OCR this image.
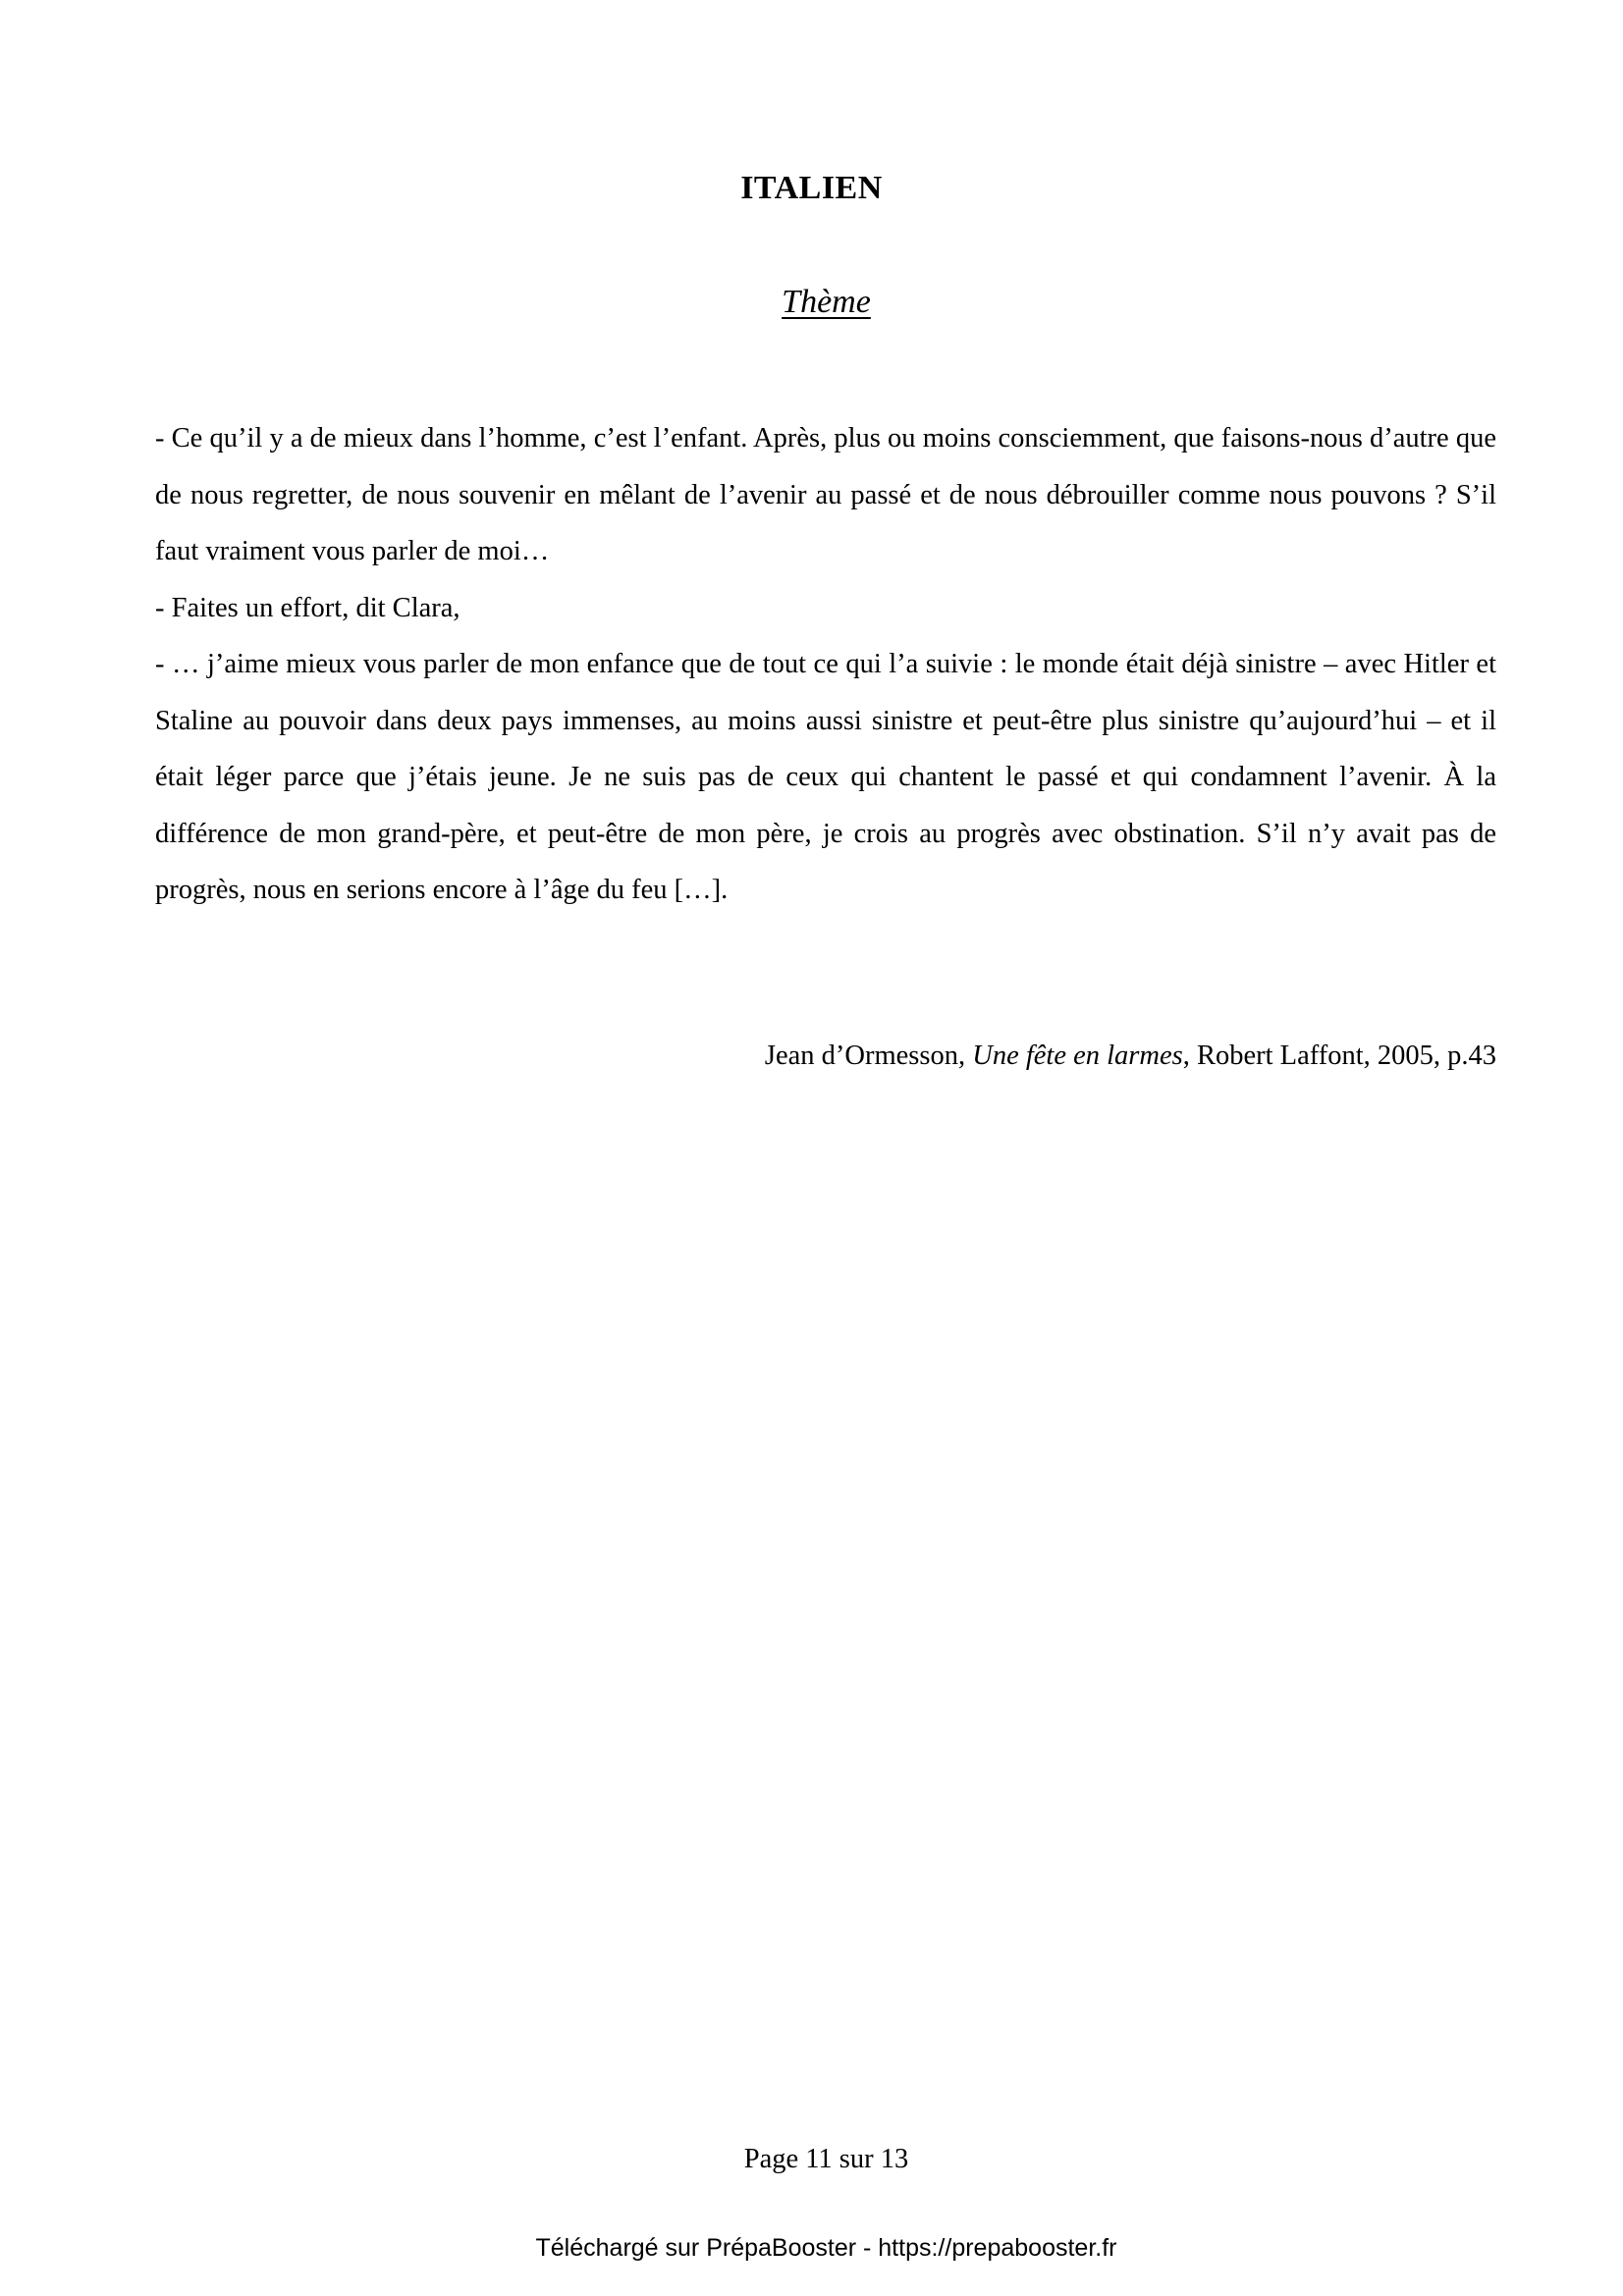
ITALIEN
Thème

- Ce qu’il y a de mieux dans l’homme, c’est l’enfant. Après, plus ou moins consciemment, que faisons-nous d’autre que de nous regretter, de nous souvenir en mêlant de l’avenir au passé et de nous débrouiller comme nous pouvons ? S’il faut vraiment vous parler de moi…

- Faites un effort, dit Clara,

- … j’aime mieux vous parler de mon enfance que de tout ce qui l’a suivie : le monde était déjà sinistre – avec Hitler et Staline au pouvoir dans deux pays immenses, au moins aussi sinistre et peut-être plus sinistre qu’aujourd’hui – et il était léger parce que j’étais jeune. Je ne suis pas de ceux qui chantent le passé et qui condamnent l’avenir. À la différence de mon grand-père, et peut-être de mon père, je crois au progrès avec obstination. S’il n’y avait pas de progrès, nous en serions encore à l’âge du feu […].

Jean d’Ormesson, Une fête en larmes, Robert Laffont, 2005, p.43
Page 11 sur 13
Téléchargé sur PrépaBooster - https://prepabooster.fr
